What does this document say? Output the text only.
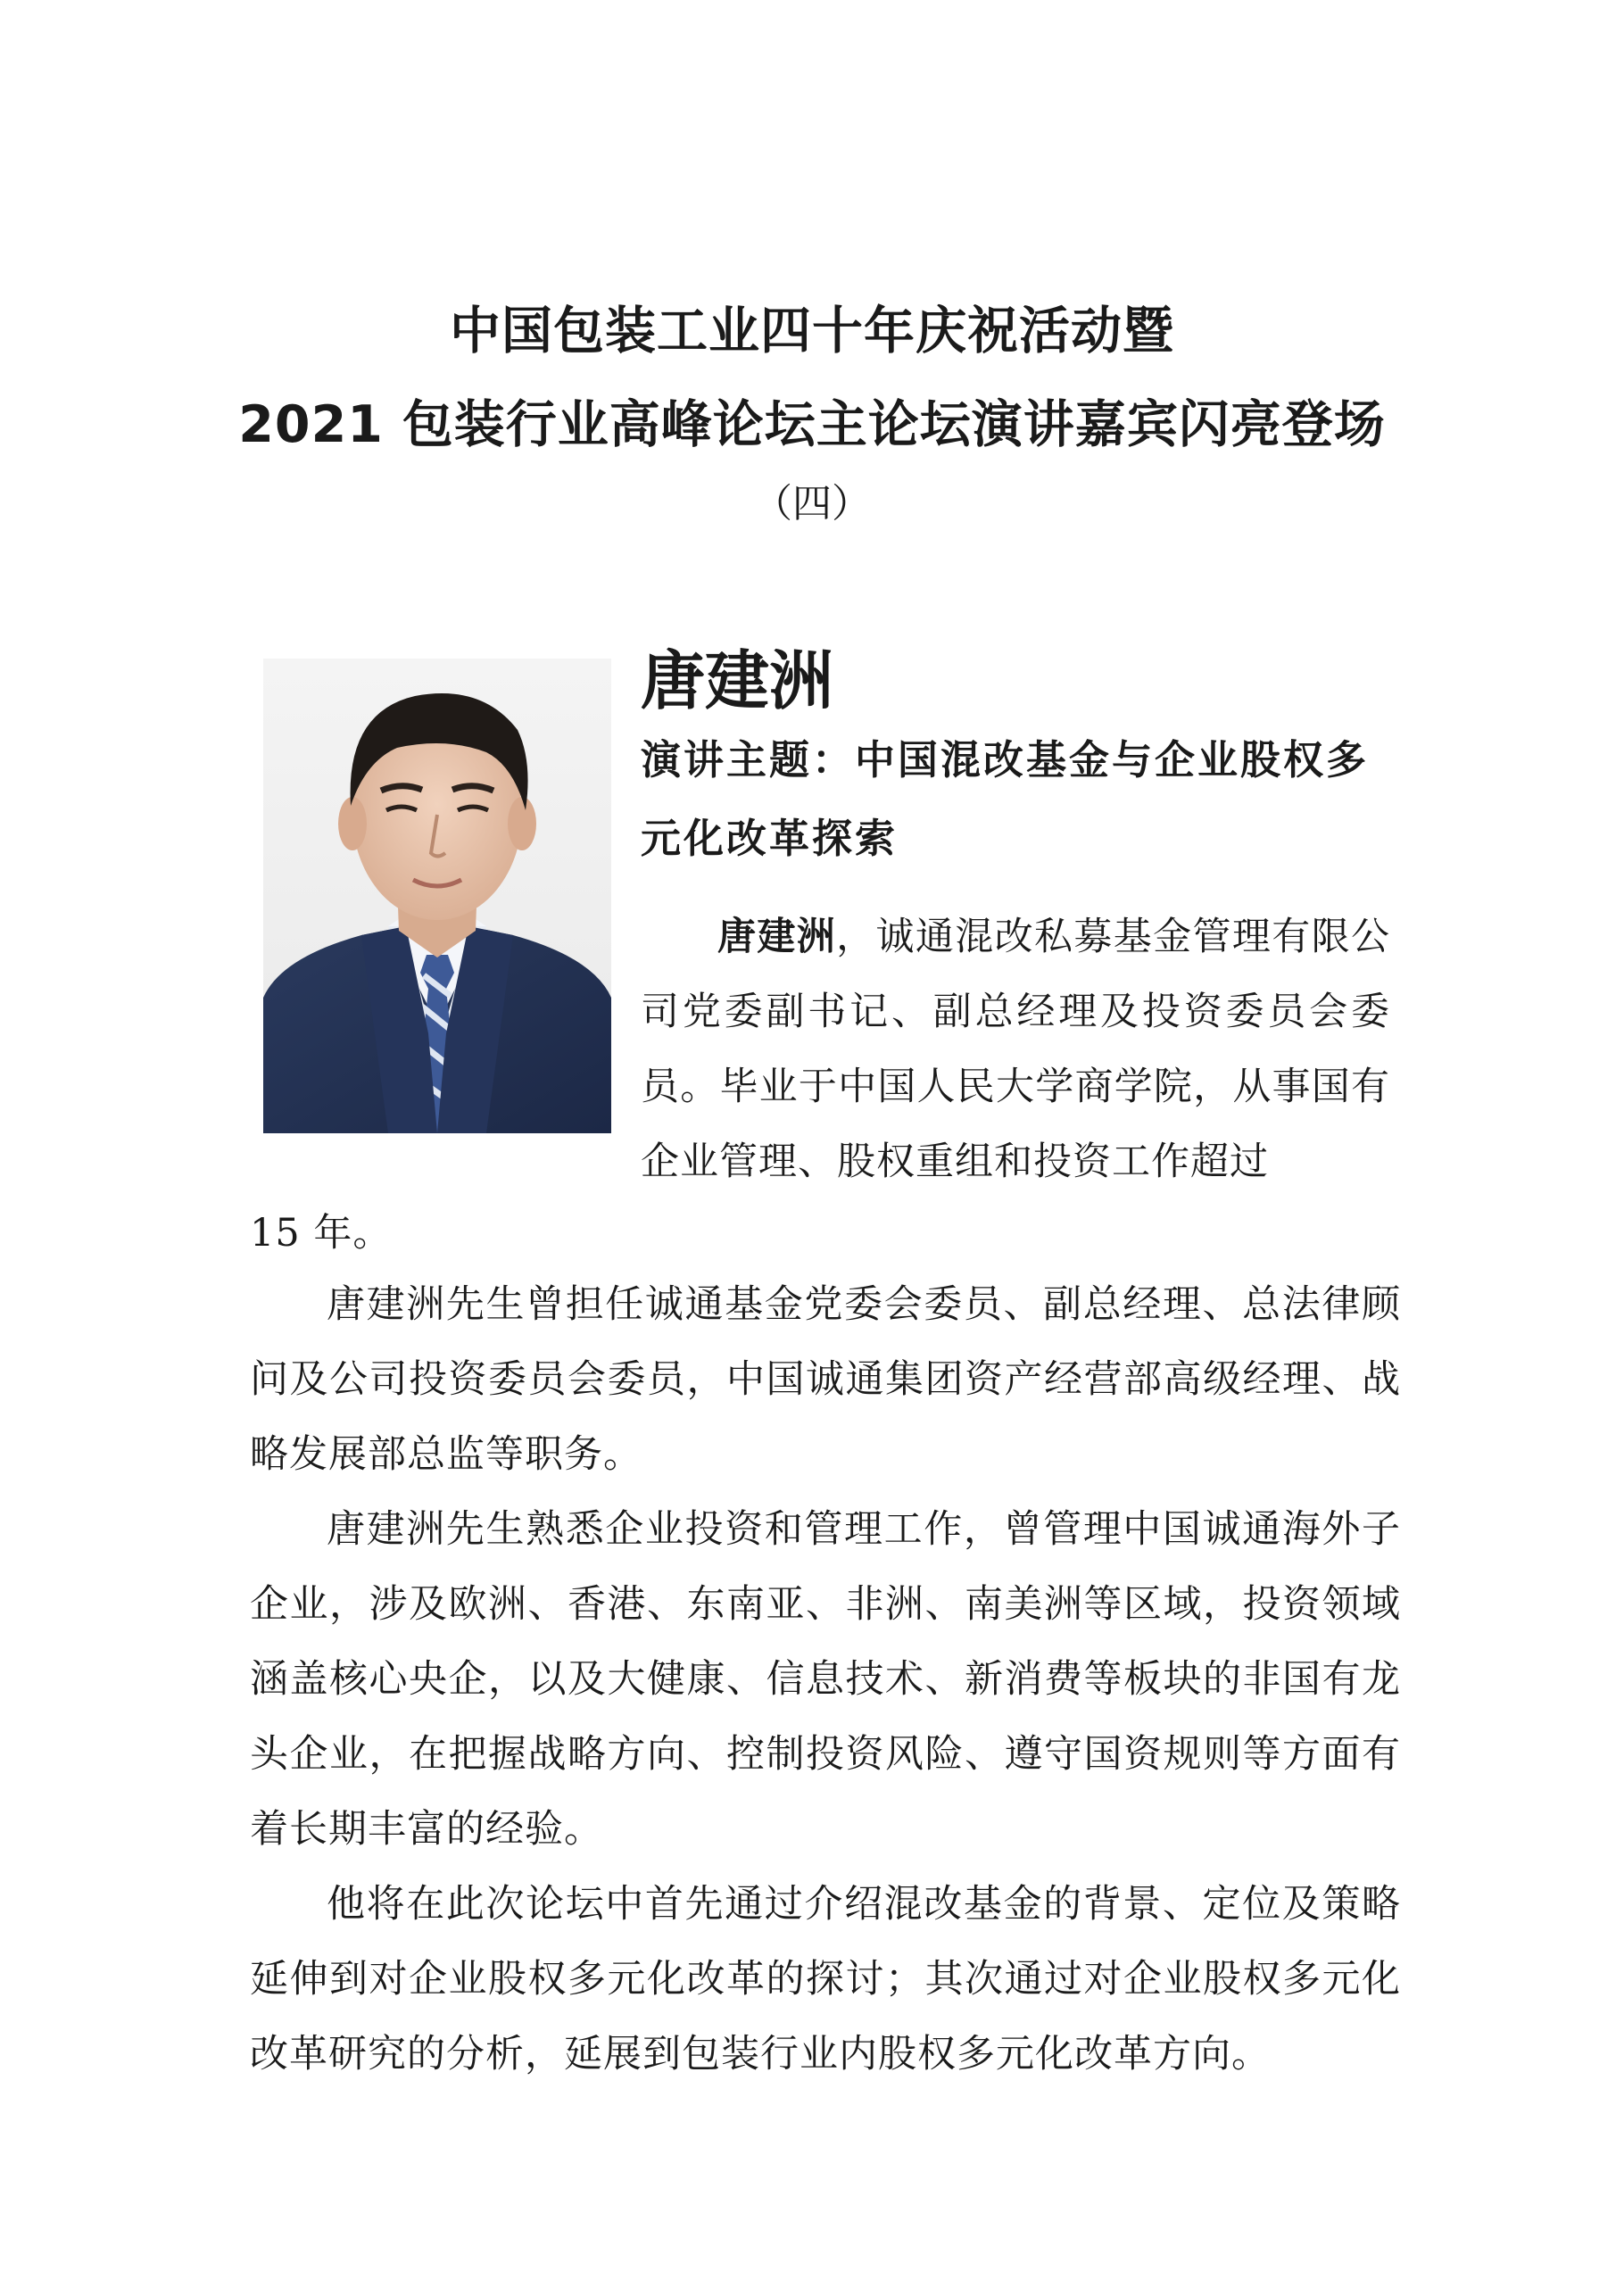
中国包装工业四十年庆祝活动暨
2021 包装行业高峰论坛主论坛演讲嘉宾闪亮登场
（四）
唐建洲
演讲主题：中国混改基金与企业股权多元化改革探索

唐建洲，诚通混改私募基金管理有限公司党委副书记、副总经理及投资委员会委员。毕业于中国人民大学商学院，从事国有企业管理、股权重组和投资工作超过

15 年。

唐建洲先生曾担任诚通基金党委会委员、副总经理、总法律顾问及公司投资委员会委员，中国诚通集团资产经营部高级经理、战略发展部总监等职务。

唐建洲先生熟悉企业投资和管理工作，曾管理中国诚通海外子企业，涉及欧洲、香港、东南亚、非洲、南美洲等区域，投资领域涵盖核心央企，以及大健康、信息技术、新消费等板块的非国有龙头企业，在把握战略方向、控制投资风险、遵守国资规则等方面有着长期丰富的经验。

他将在此次论坛中首先通过介绍混改基金的背景、定位及策略延伸到对企业股权多元化改革的探讨；其次通过对企业股权多元化改革研究的分析，延展到包装行业内股权多元化改革方向。
